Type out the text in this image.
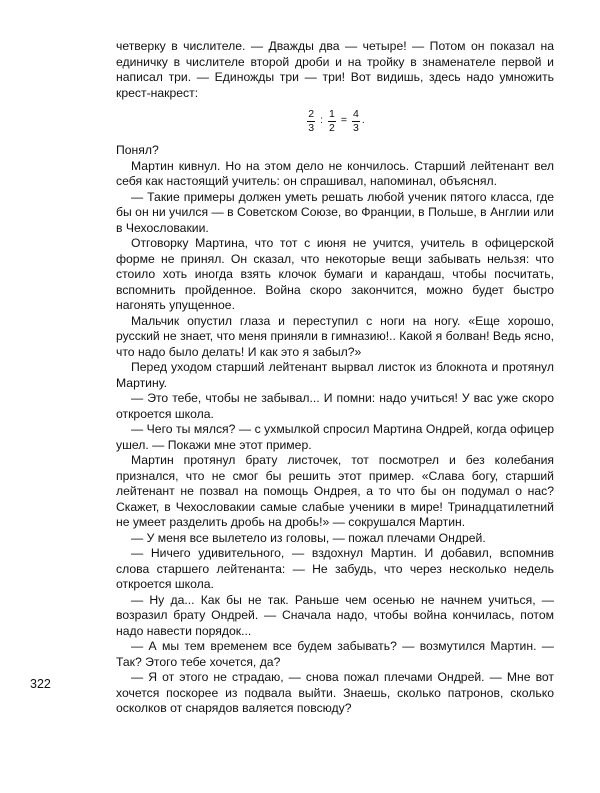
четверку в числителе. — Дважды два — четыре! — Потом он показал на единичку в числителе второй дроби и на тройку в знаменателе первой и написал три. — Единожды три — три! Вот видишь, здесь надо умножить крест-накрест:

$\frac{2}{3}$ : $\frac{1}{2} = \frac{4}{3}$ .

Понял?

Мартин кивнул. Но на этом дело не кончилось. Старший лейтенант вел себя как настоящий учитель: он спрашивал, напоминал, объяснял.

— Такие примеры должен уметь решать любой ученик пятого класса, где бы он ни учился — в Советском Союзе, во Франции, в Польше, в Англии или в Чехословакии.

Отговорку Мартина, что тот с июня не учится, учитель в офицерской форме не принял. Он сказал, что некоторые вещи забывать нельзя: что стоило хоть иногда взять клочок бумаги и карандаш, чтобы посчитать, вспомнить пройденное. Война скоро закончится, можно будет быстро нагонять упущенное.

Мальчик опустил глаза и переступил с ноги на ногу. «Еще хорошо, русский не знает, что меня приняли в гимназию!.. Какой я болван! Ведь ясно, что надо было делать! И как это я забыл?»

Перед уходом старший лейтенант вырвал листок из блокнота и протянул Мартину.

— Это тебе, чтобы не забывал... И помни: надо учиться! У вас уже скоро откроется школа.

— Чего ты мялся? — с ухмылкой спросил Мартина Ондрей, когда офицер ушел. — Покажи мне этот пример.

Мартин протянул брату листочек, тот посмотрел и без колебания признался, что не смог бы решить этот пример. «Слава богу, старший лейтенант не позвал на помощь Ондрея, а то что бы он подумал о нас? Скажет, в Чехословакии самые слабые ученики в мире! Тринадцатилетний не умеет разделить дробь на дробь!» — сокрушался Мартин.

— У меня все вылетело из головы, — пожал плечами Ондрей.

— Ничего удивительного, — вздохнул Мартин. И добавил, вспомнив слова старшего лейтенанта: — Не забудь, что через несколько недель откроется школа.

— Ну да... Как бы не так. Раньше чем осенью не начнем учиться, — возразил брату Ондрей. — Сначала надо, чтобы война кончилась, потом надо навести порядок...

— А мы тем временем все будем забывать? — возмутился Мартин. — Так? Этого тебе хочется, да?

— Я от этого не страдаю, — снова пожал плечами Ондрей. — Мне вот хочется поскорее из подвала выйти. Знаешь, сколько патронов, сколько осколков от снарядов валяется повсюду?

322
